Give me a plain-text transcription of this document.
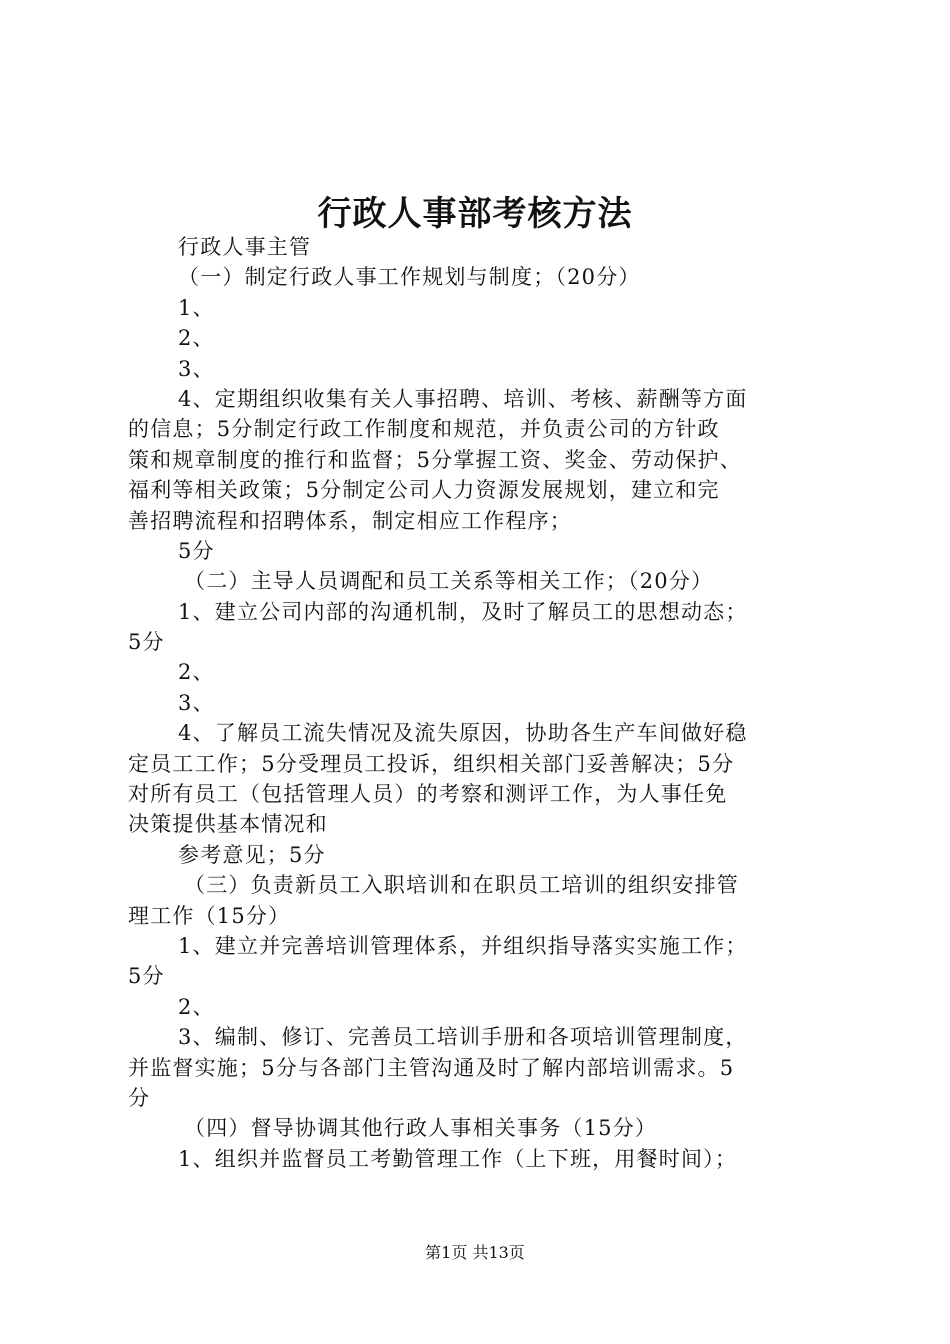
行政人事部考核方法
行政人事主管
（一）制定行政人事工作规划与制度；（20分）
1、
2、
3、
4、定期组织收集有关人事招聘、培训、考核、薪酬等方面
的信息；5分制定行政工作制度和规范，并负责公司的方针政
策和规章制度的推行和监督；5分掌握工资、奖金、劳动保护、
福利等相关政策；5分制定公司人力资源发展规划，建立和完
善招聘流程和招聘体系，制定相应工作程序；
5分
（二）主导人员调配和员工关系等相关工作；（20分）
1、建立公司内部的沟通机制，及时了解员工的思想动态；
5分
2、
3、
4、了解员工流失情况及流失原因，协助各生产车间做好稳
定员工工作；5分受理员工投诉，组织相关部门妥善解决；5分
对所有员工（包括管理人员）的考察和测评工作，为人事任免
决策提供基本情况和
参考意见；5分
（三）负责新员工入职培训和在职员工培训的组织安排管
理工作（15分）
1、建立并完善培训管理体系，并组织指导落实实施工作；
5分
2、
3、编制、修订、完善员工培训手册和各项培训管理制度，
并监督实施；5分与各部门主管沟通及时了解内部培训需求。5
分
（四）督导协调其他行政人事相关事务（15分）
1、组织并监督员工考勤管理工作（上下班，用餐时间）；
第1页 共13页
